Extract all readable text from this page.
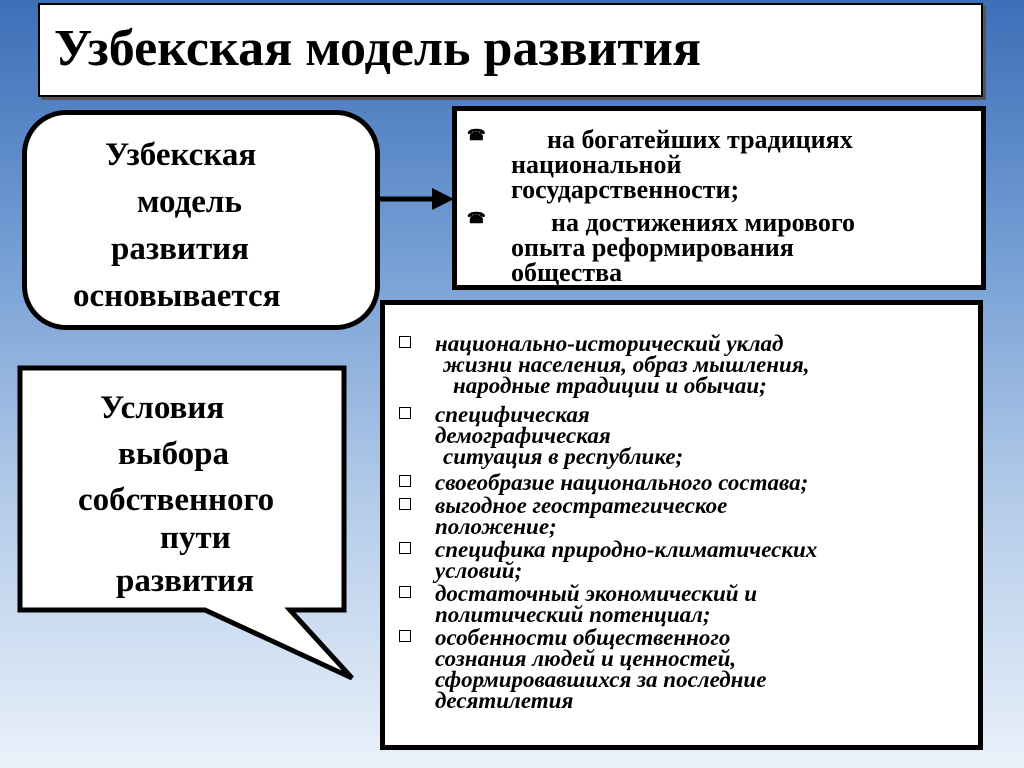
Узбекская модель развития
Узбекская
модель
развития
основывается
☎	на богатейших традициях
национальной
государственности;
☎	на достижениях мирового
опыта реформирования
общества
Условия
выбора
собственного
пути
развития
национально-исторический уклад
жизни населения, образ мышления,
народные традиции и обычаи;
специфическая
демографическая
ситуация в республике;
своеобразие национального состава;
выгодное геостратегическое
положение;
специфика природно-климатических
условий;
достаточный экономический и
политический потенциал;
особенности общественного
сознания людей и ценностей,
сформировавшихся за последние
десятилетия
